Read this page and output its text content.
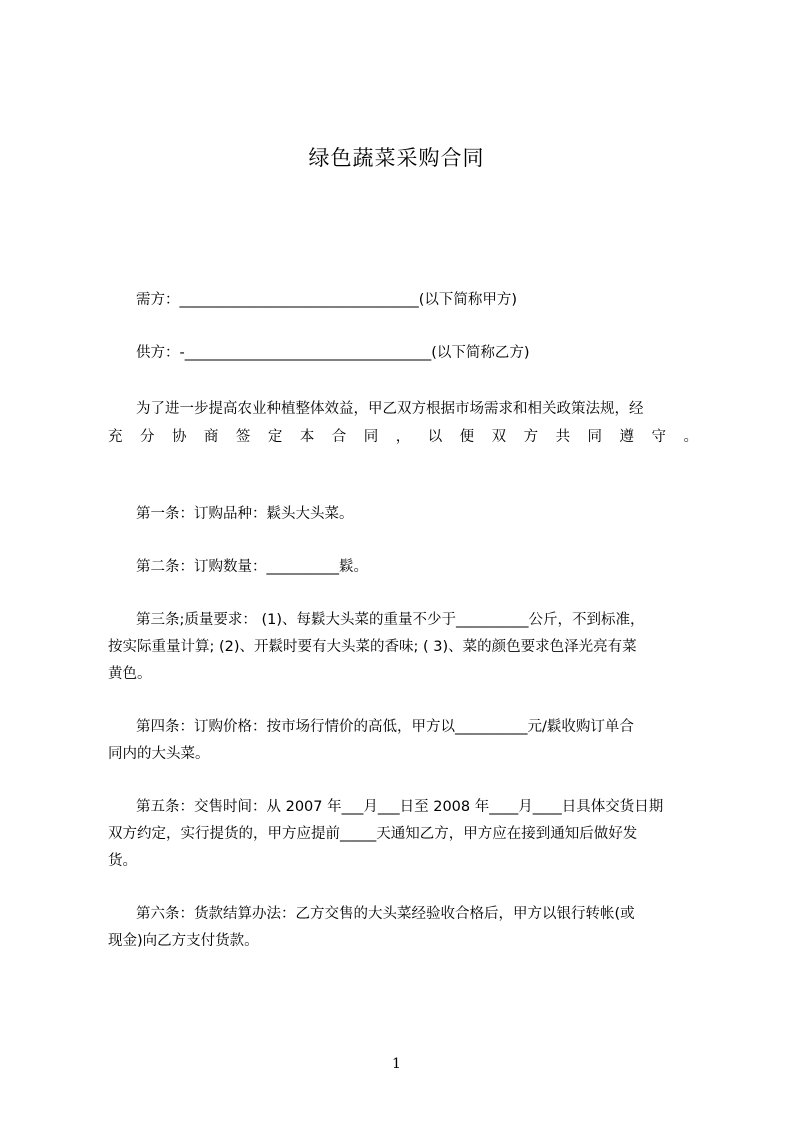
绿色蔬菜采购合同
需方：_________________________________(以下简称甲方)
供方：-__________________________________(以下简称乙方)
为了进一步提高农业种植整体效益，甲乙双方根据市场需求和相关政策法规，经
充 分 协 商 签 定 本 合 同 ， 以 便 双 方 共 同 遵 守 。
第一条：订购品种：鬏头大头菜。
第二条：订购数量：__________鬏。
第三条;质量要求： (1)、每鬏大头菜的重量不少于__________公斤，不到标准，
按实际重量计算; (2)、开鬏时要有大头菜的香味; ( 3)、菜的颜色要求色泽光亮有菜
黄色。
第四条：订购价格：按市场行情价的高低，甲方以__________元/鬏收购订单合
同内的大头菜。
第五条：交售时间：从 2007 年___月___日至 2008 年____月____日具体交货日期
双方约定，实行提货的，甲方应提前_____天通知乙方，甲方应在接到通知后做好发
货。
第六条：货款结算办法：乙方交售的大头菜经验收合格后，甲方以银行转帐(或
现金)向乙方支付货款。
1
